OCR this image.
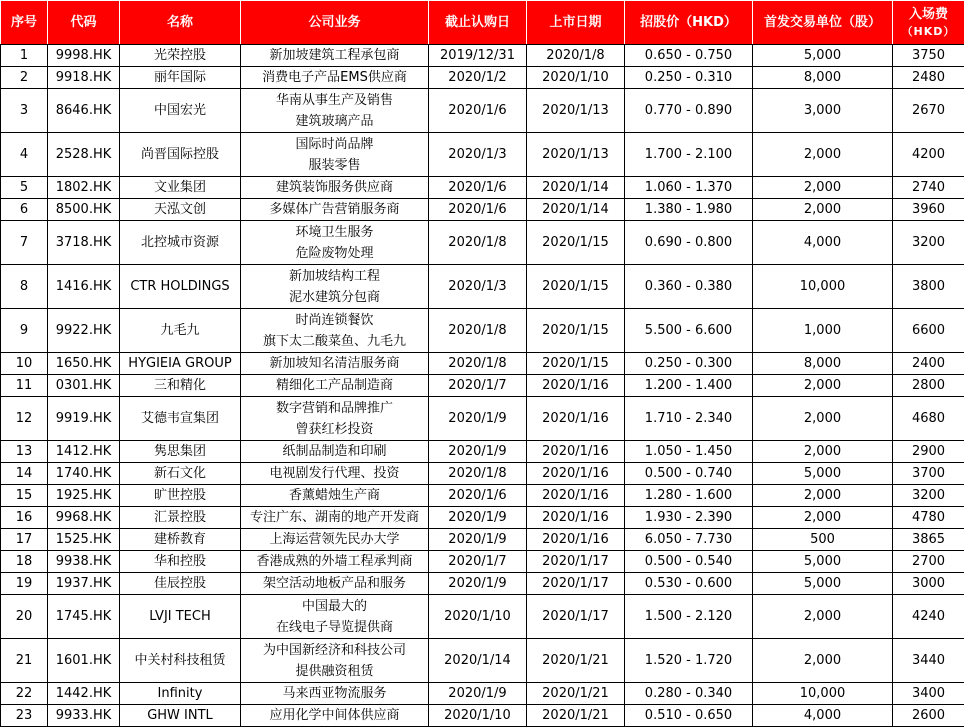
序号	代码	名称	公司业务	截止认购日	上市日期	招股价（HKD）	首发交易单位（股）	入场费
（HKD）

1	9998.HK	光荣控股	新加坡建筑工程承包商	2019/12/31	2020/1/8	0.650 - 0.750	5,000	3750
2	9918.HK	丽年国际	消费电子产品EMS供应商	2020/1/2	2020/1/10	0.250 - 0.310	8,000	2480
3	8646.HK	中国宏光	华南从事生产及销售
建筑玻璃产品	2020/1/6	2020/1/13	0.770 - 0.890	3,000	2670
4	2528.HK	尚晋国际控股	国际时尚品牌
服装零售	2020/1/3	2020/1/13	1.700 - 2.100	2,000	4200
5	1802.HK	文业集团	建筑装饰服务供应商	2020/1/6	2020/1/14	1.060 - 1.370	2,000	2740
6	8500.HK	天泓文创	多媒体广告营销服务商	2020/1/6	2020/1/14	1.380 - 1.980	2,000	3960
7	3718.HK	北控城市资源	环境卫生服务
危险废物处理	2020/1/8	2020/1/15	0.690 - 0.800	4,000	3200
8	1416.HK	CTR HOLDINGS	新加坡结构工程
泥水建筑分包商	2020/1/3	2020/1/15	0.360 - 0.380	10,000	3800
9	9922.HK	九毛九	时尚连锁餐饮
旗下太二酸菜鱼、九毛九	2020/1/8	2020/1/15	5.500 - 6.600	1,000	6600
10	1650.HK	HYGIEIA GROUP	新加坡知名清洁服务商	2020/1/8	2020/1/15	0.250 - 0.300	8,000	2400
11	0301.HK	三和精化	精细化工产品制造商	2020/1/7	2020/1/16	1.200 - 1.400	2,000	2800
12	9919.HK	艾德韦宣集团	数字营销和品牌推广
曾获红杉投资	2020/1/9	2020/1/16	1.710 - 2.340	2,000	4680
13	1412.HK	隽思集团	纸制品制造和印刷	2020/1/9	2020/1/16	1.050 - 1.450	2,000	2900
14	1740.HK	新石文化	电视剧发行代理、投资	2020/1/8	2020/1/16	0.500 - 0.740	5,000	3700
15	1925.HK	旷世控股	香薰蜡烛生产商	2020/1/6	2020/1/16	1.280 - 1.600	2,000	3200
16	9968.HK	汇景控股	专注广东、湖南的地产开发商	2020/1/9	2020/1/16	1.930 - 2.390	2,000	4780
17	1525.HK	建桥教育	上海运营领先民办大学	2020/1/9	2020/1/16	6.050 - 7.730	500	3865
18	9938.HK	华和控股	香港成熟的外墙工程承判商	2020/1/7	2020/1/17	0.500 - 0.540	5,000	2700
19	1937.HK	佳辰控股	架空活动地板产品和服务	2020/1/9	2020/1/17	0.530 - 0.600	5,000	3000
20	1745.HK	LVJI TECH	中国最大的
在线电子导览提供商	2020/1/10	2020/1/17	1.500 - 2.120	2,000	4240
21	1601.HK	中关村科技租赁	为中国新经济和科技公司
提供融资租赁	2020/1/14	2020/1/21	1.520 - 1.720	2,000	3440
22	1442.HK	Infinity	马来西亚物流服务	2020/1/9	2020/1/21	0.280 - 0.340	10,000	3400
23	9933.HK	GHW INTL	应用化学中间体供应商	2020/1/10	2020/1/21	0.510 - 0.650	4,000	2600
